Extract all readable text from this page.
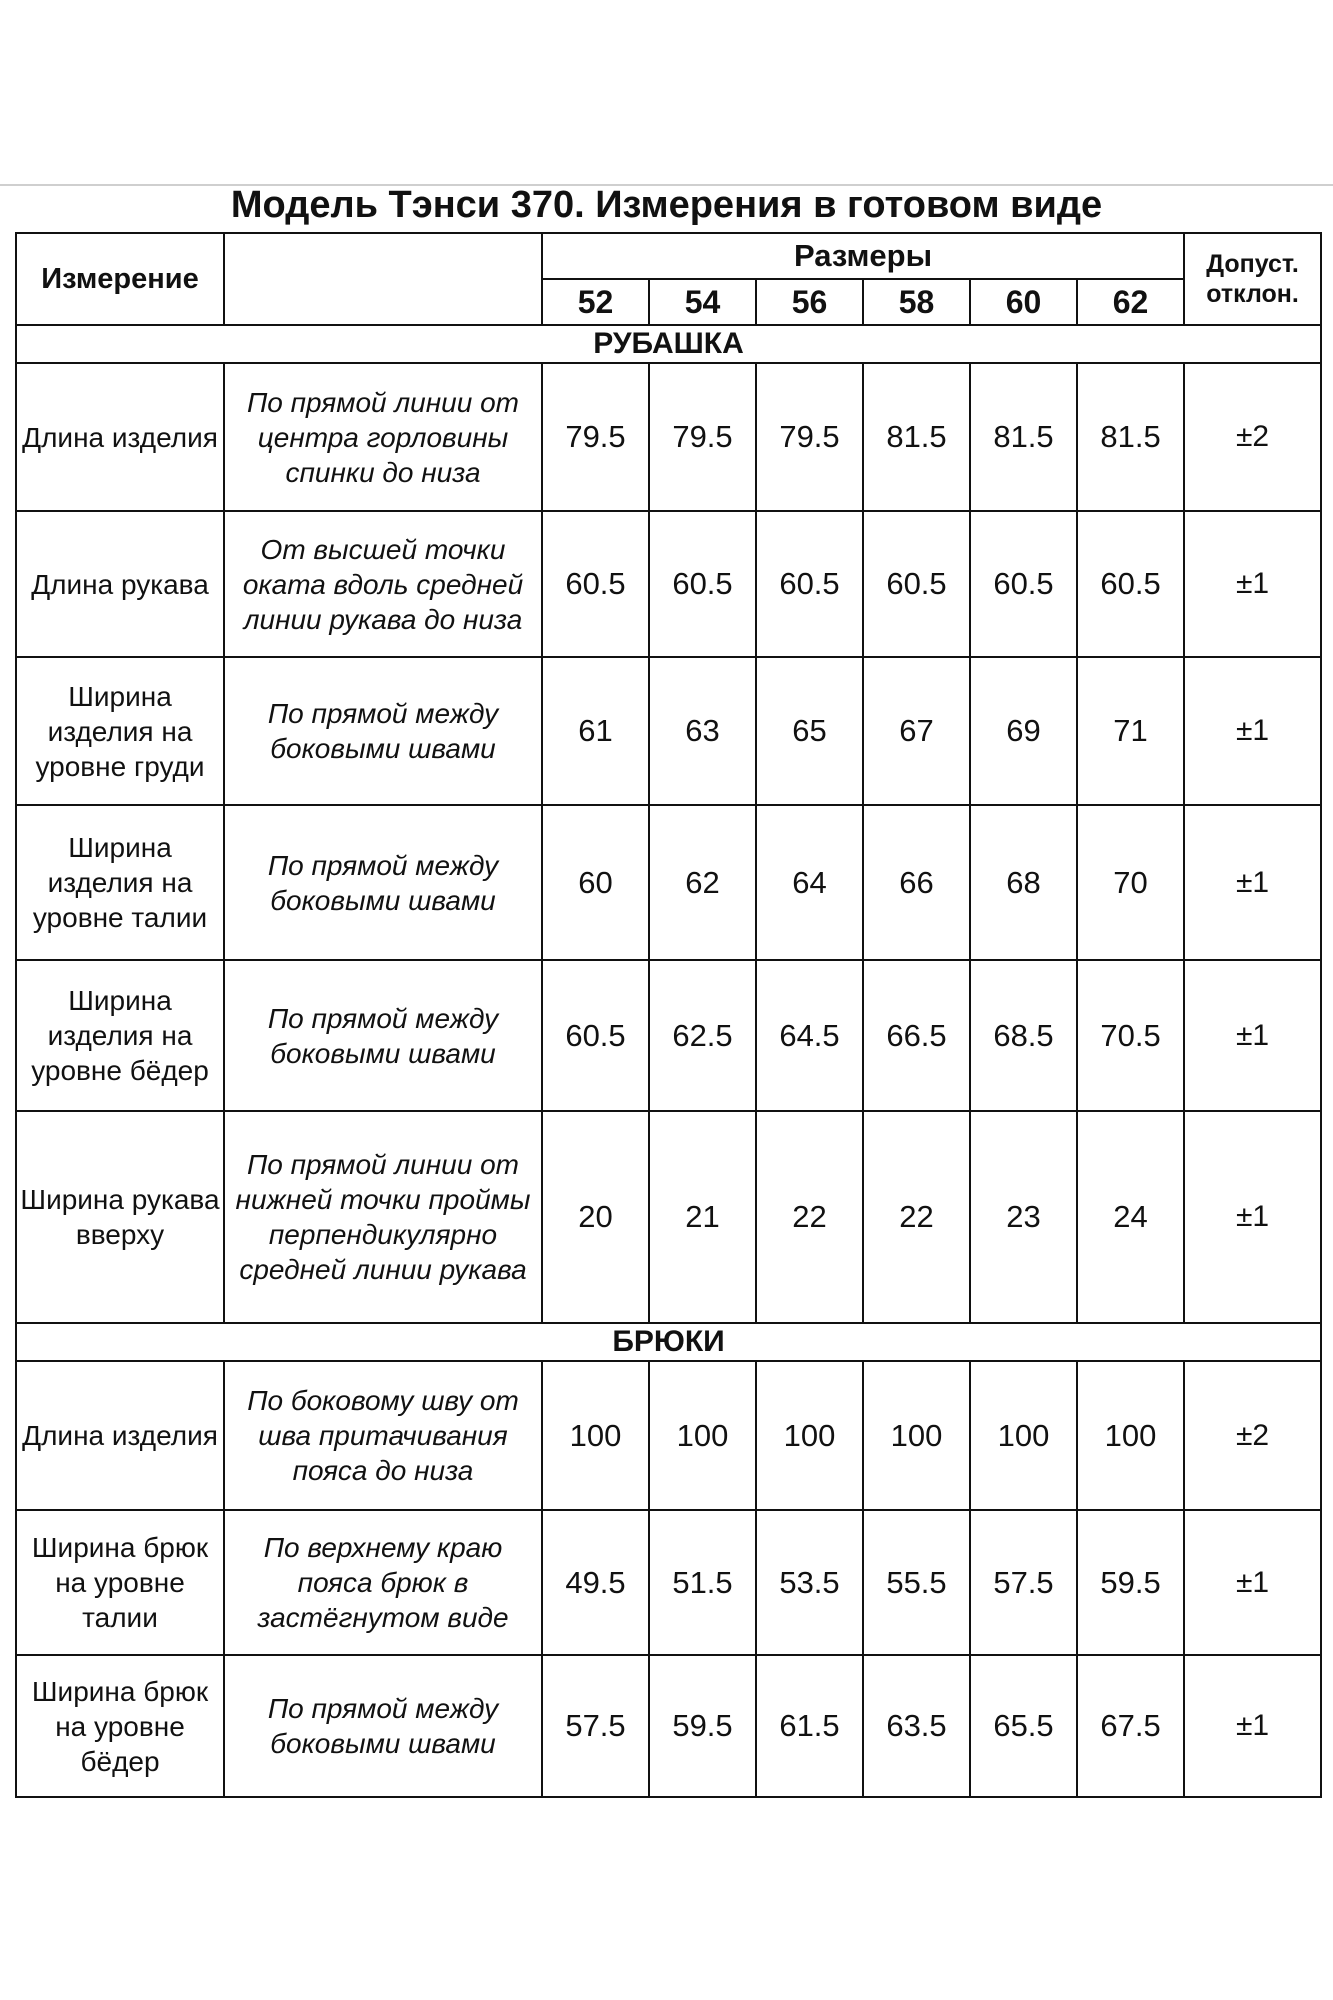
Модель Тэнси 370. Измерения в готовом виде
Измерение		Размеры						Допуст. отклон.
		52	54	56	58	60	62	
РУБАШКА								
Длина изделия	По прямой линии от центра горловины спинки до низа	79.5	79.5	79.5	81.5	81.5	81.5	±2
Длина рукава	От высшей точки оката вдоль средней линии рукава до низа	60.5	60.5	60.5	60.5	60.5	60.5	±1
Ширина изделия на уровне груди	По прямой между боковыми швами	61	63	65	67	69	71	±1
Ширина изделия на уровне талии	По прямой между боковыми швами	60	62	64	66	68	70	±1
Ширина изделия на уровне бёдер	По прямой между боковыми швами	60.5	62.5	64.5	66.5	68.5	70.5	±1
Ширина рукава вверху	По прямой линии от нижней точки проймы перпендикулярно средней линии рукава	20	21	22	22	23	24	±1
БРЮКИ								
Длина изделия	По боковому шву от шва притачивания пояса до низа	100	100	100	100	100	100	±2
Ширина брюк на уровне талии	По верхнему краю пояса брюк в застёгнутом виде	49.5	51.5	53.5	55.5	57.5	59.5	±1
Ширина брюк на уровне бёдер	По прямой между боковыми швами	57.5	59.5	61.5	63.5	65.5	67.5	±1
